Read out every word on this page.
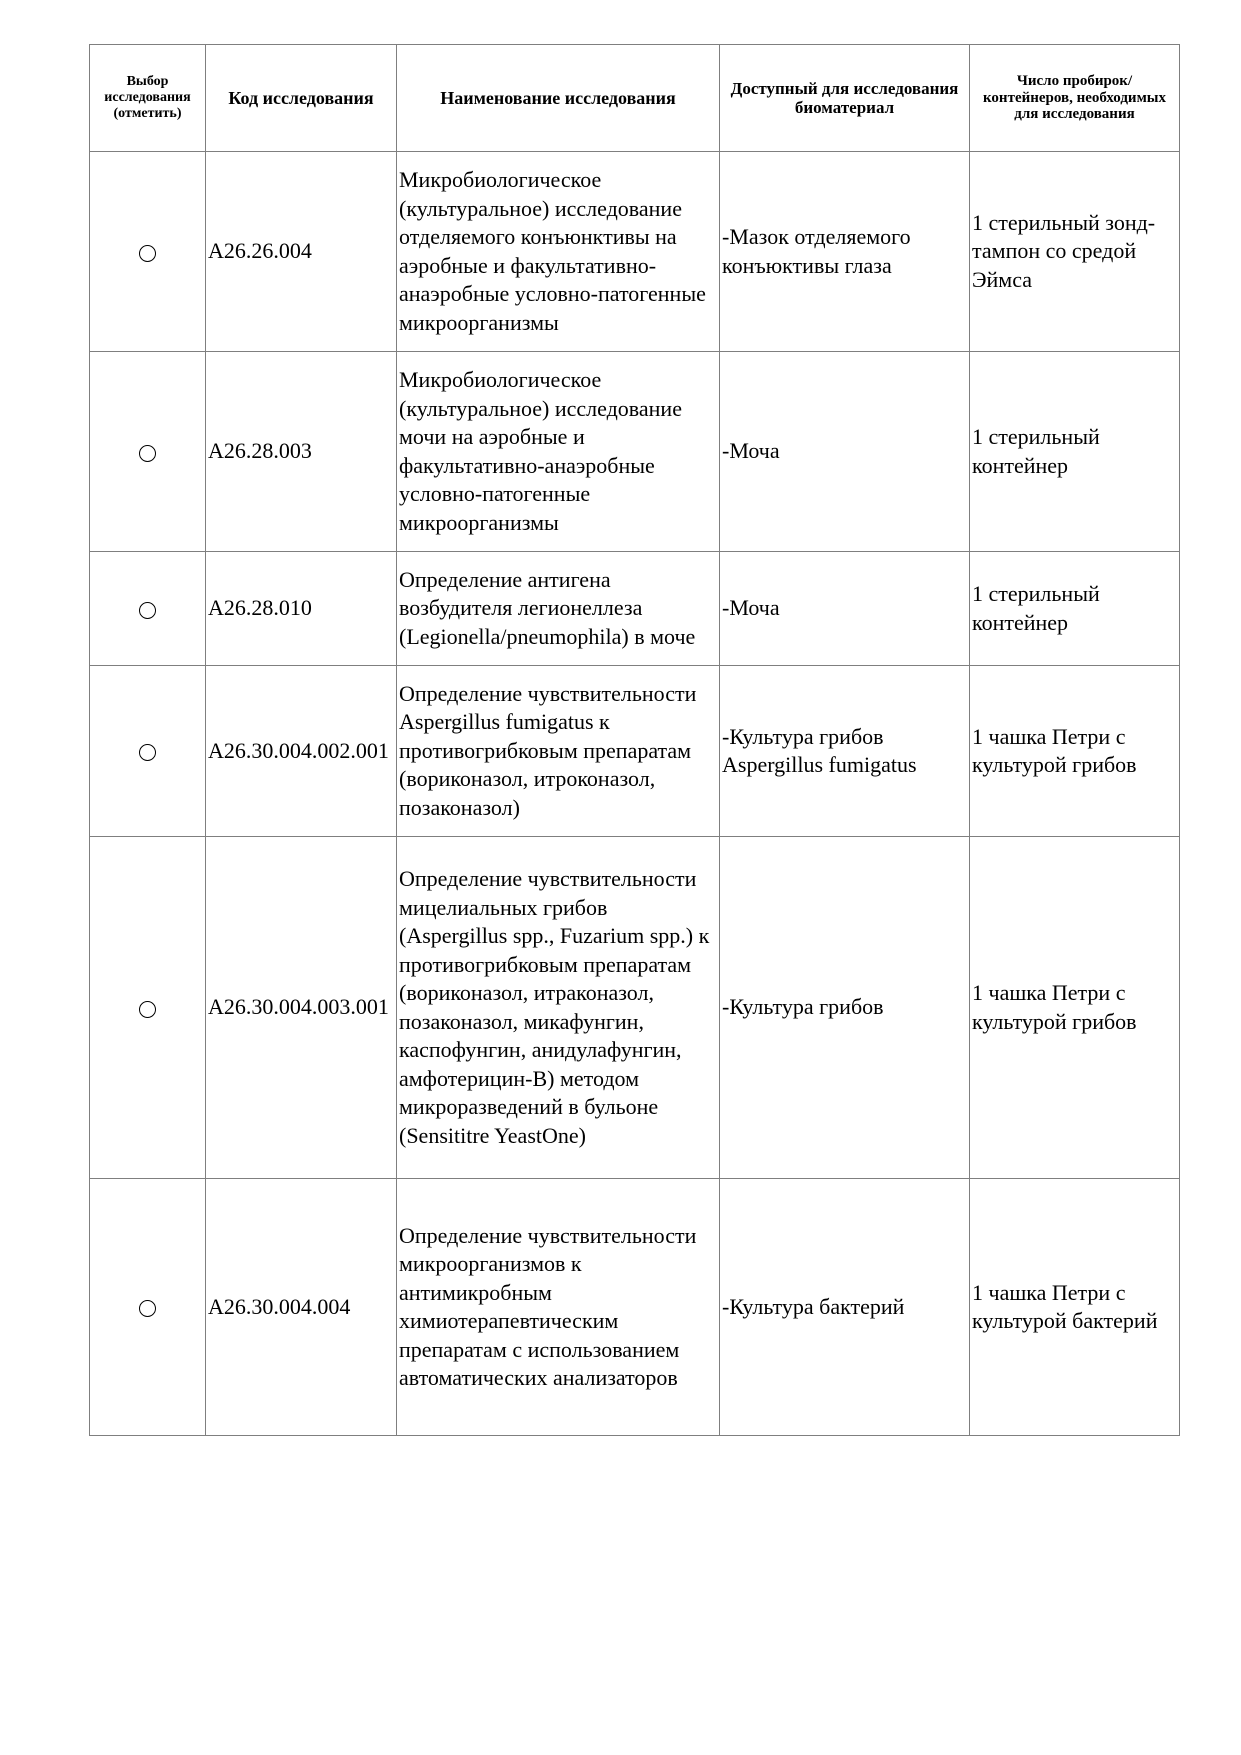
Выбор исследования (отметить)	Код исследования	Наименование исследования	Доступный для исследования биоматериал	Число пробирок/контейнеров, необходимых для исследования
	A26.26.004	Микробиологическое (культуральное) исследование отделяемого конъюнктивы на аэробные и факультативно-анаэробные условно-патогенные микроорганизмы	-Мазок отделяемого конъюктивы глаза	1 стерильный зонд-тампон со средой Эймса
	A26.28.003	Микробиологическое (культуральное) исследование мочи на аэробные и факультативно-анаэробные условно-патогенные микроорганизмы	-Моча	1 стерильный контейнер
	A26.28.010	Определение антигена возбудителя легионеллеза (Legionella/pneumophila) в моче	-Моча	1 стерильный контейнер
	A26.30.004.002.001	Определение чувствительности Aspergillus fumigatus к противогрибковым препаратам (вориконазол, итроконазол, позаконазол)	-Культура грибов Aspergillus fumigatus	1 чашка Петри с культурой грибов
	A26.30.004.003.001	Определение чувствительности мицелиальных грибов (Aspergillus spp., Fuzarium spp.) к противогрибковым препаратам (вориконазол, итраконазол, позаконазол, микафунгин, каспофунгин, анидулафунгин, амфотерицин-В) методом микроразведений в бульоне (Sensititre YeastOne)	-Культура грибов	1 чашка Петри с культурой грибов
	A26.30.004.004	Определение чувствительности микроорганизмов к антимикробным химиотерапевтическим препаратам с использованием автоматических анализаторов	-Культура бактерий	1 чашка Петри с культурой бактерий
